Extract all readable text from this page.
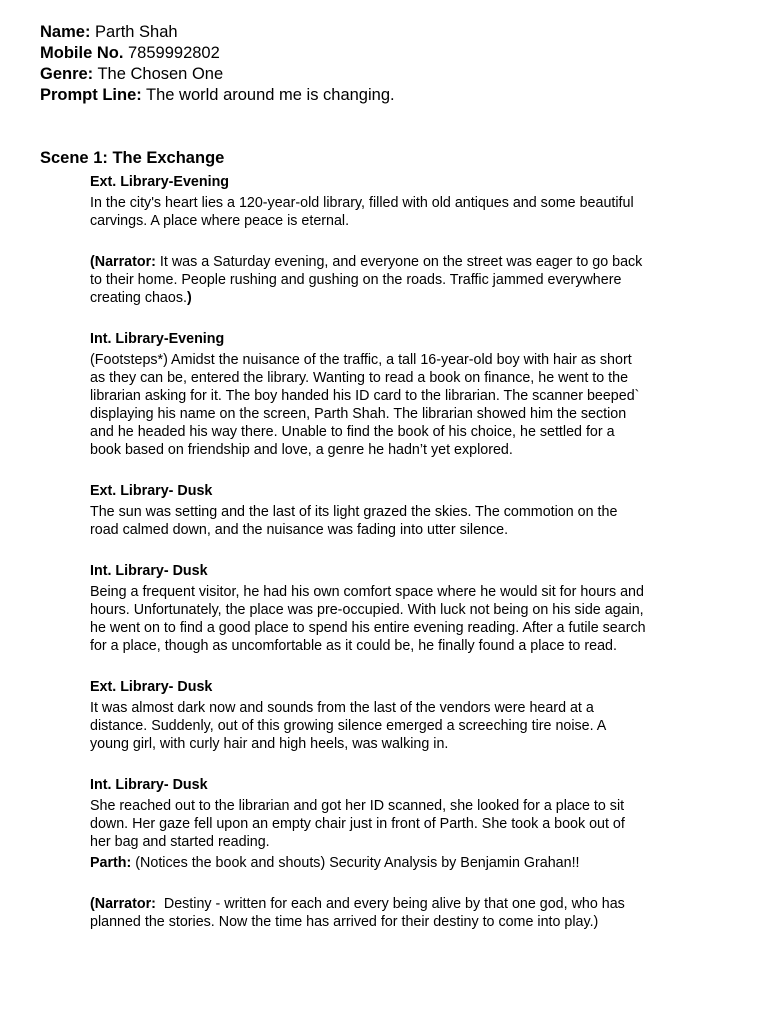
Name: Parth Shah
Mobile No. 7859992802
Genre: The Chosen One
Prompt Line: The world around me is changing.
Scene 1: The Exchange
Ext. Library-Evening
In the city's heart lies a 120-year-old library, filled with old antiques and some beautiful
carvings. A place where peace is eternal.
(Narrator: It was a Saturday evening, and everyone on the street was eager to go back
to their home. People rushing and gushing on the roads. Traffic jammed everywhere
creating chaos.)
Int. Library-Evening
(Footsteps*) Amidst the nuisance of the traffic, a tall 16-year-old boy with hair as short
as they can be, entered the library. Wanting to read a book on finance, he went to the
librarian asking for it. The boy handed his ID card to the librarian. The scanner beeped`
displaying his name on the screen, Parth Shah. The librarian showed him the section
and he headed his way there. Unable to find the book of his choice, he settled for a
book based on friendship and love, a genre he hadn’t yet explored.
Ext. Library- Dusk
The sun was setting and the last of its light grazed the skies. The commotion on the
road calmed down, and the nuisance was fading into utter silence.
Int. Library- Dusk
Being a frequent visitor, he had his own comfort space where he would sit for hours and
hours. Unfortunately, the place was pre-occupied. With luck not being on his side again,
he went on to find a good place to spend his entire evening reading. After a futile search
for a place, though as uncomfortable as it could be, he finally found a place to read.
Ext. Library- Dusk
It was almost dark now and sounds from the last of the vendors were heard at a
distance. Suddenly, out of this growing silence emerged a screeching tire noise. A
young girl, with curly hair and high heels, was walking in.
Int. Library- Dusk
She reached out to the librarian and got her ID scanned, she looked for a place to sit
down. Her gaze fell upon an empty chair just in front of Parth. She took a book out of
her bag and started reading.
Parth: (Notices the book and shouts) Security Analysis by Benjamin Grahan!!
(Narrator:  Destiny - written for each and every being alive by that one god, who has
planned the stories. Now the time has arrived for their destiny to come into play.)
